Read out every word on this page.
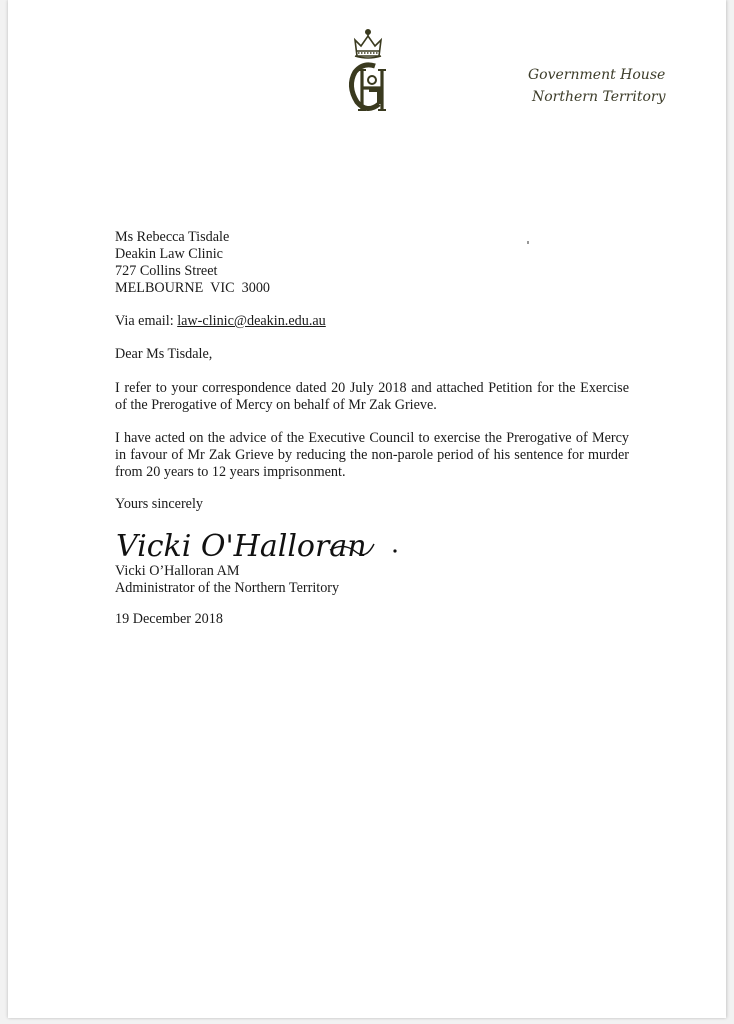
Government House
Northern Territory
Ms Rebecca Tisdale
Deakin Law Clinic
727 Collins Street
MELBOURNE  VIC  3000
Via email: law-clinic@deakin.edu.au
Dear Ms Tisdale,
I refer to your correspondence dated 20 July 2018 and attached Petition for the Exercise of the Prerogative of Mercy on behalf of Mr Zak Grieve.
I have acted on the advice of the Executive Council to exercise the Prerogative of Mercy in favour of Mr Zak Grieve by reducing the non-parole period of his sentence for murder from 20 years to 12 years imprisonment.
Yours sincerely
Vicki O'Halloran
Vicki O’Halloran AM
Administrator of the Northern Territory
19 December 2018
